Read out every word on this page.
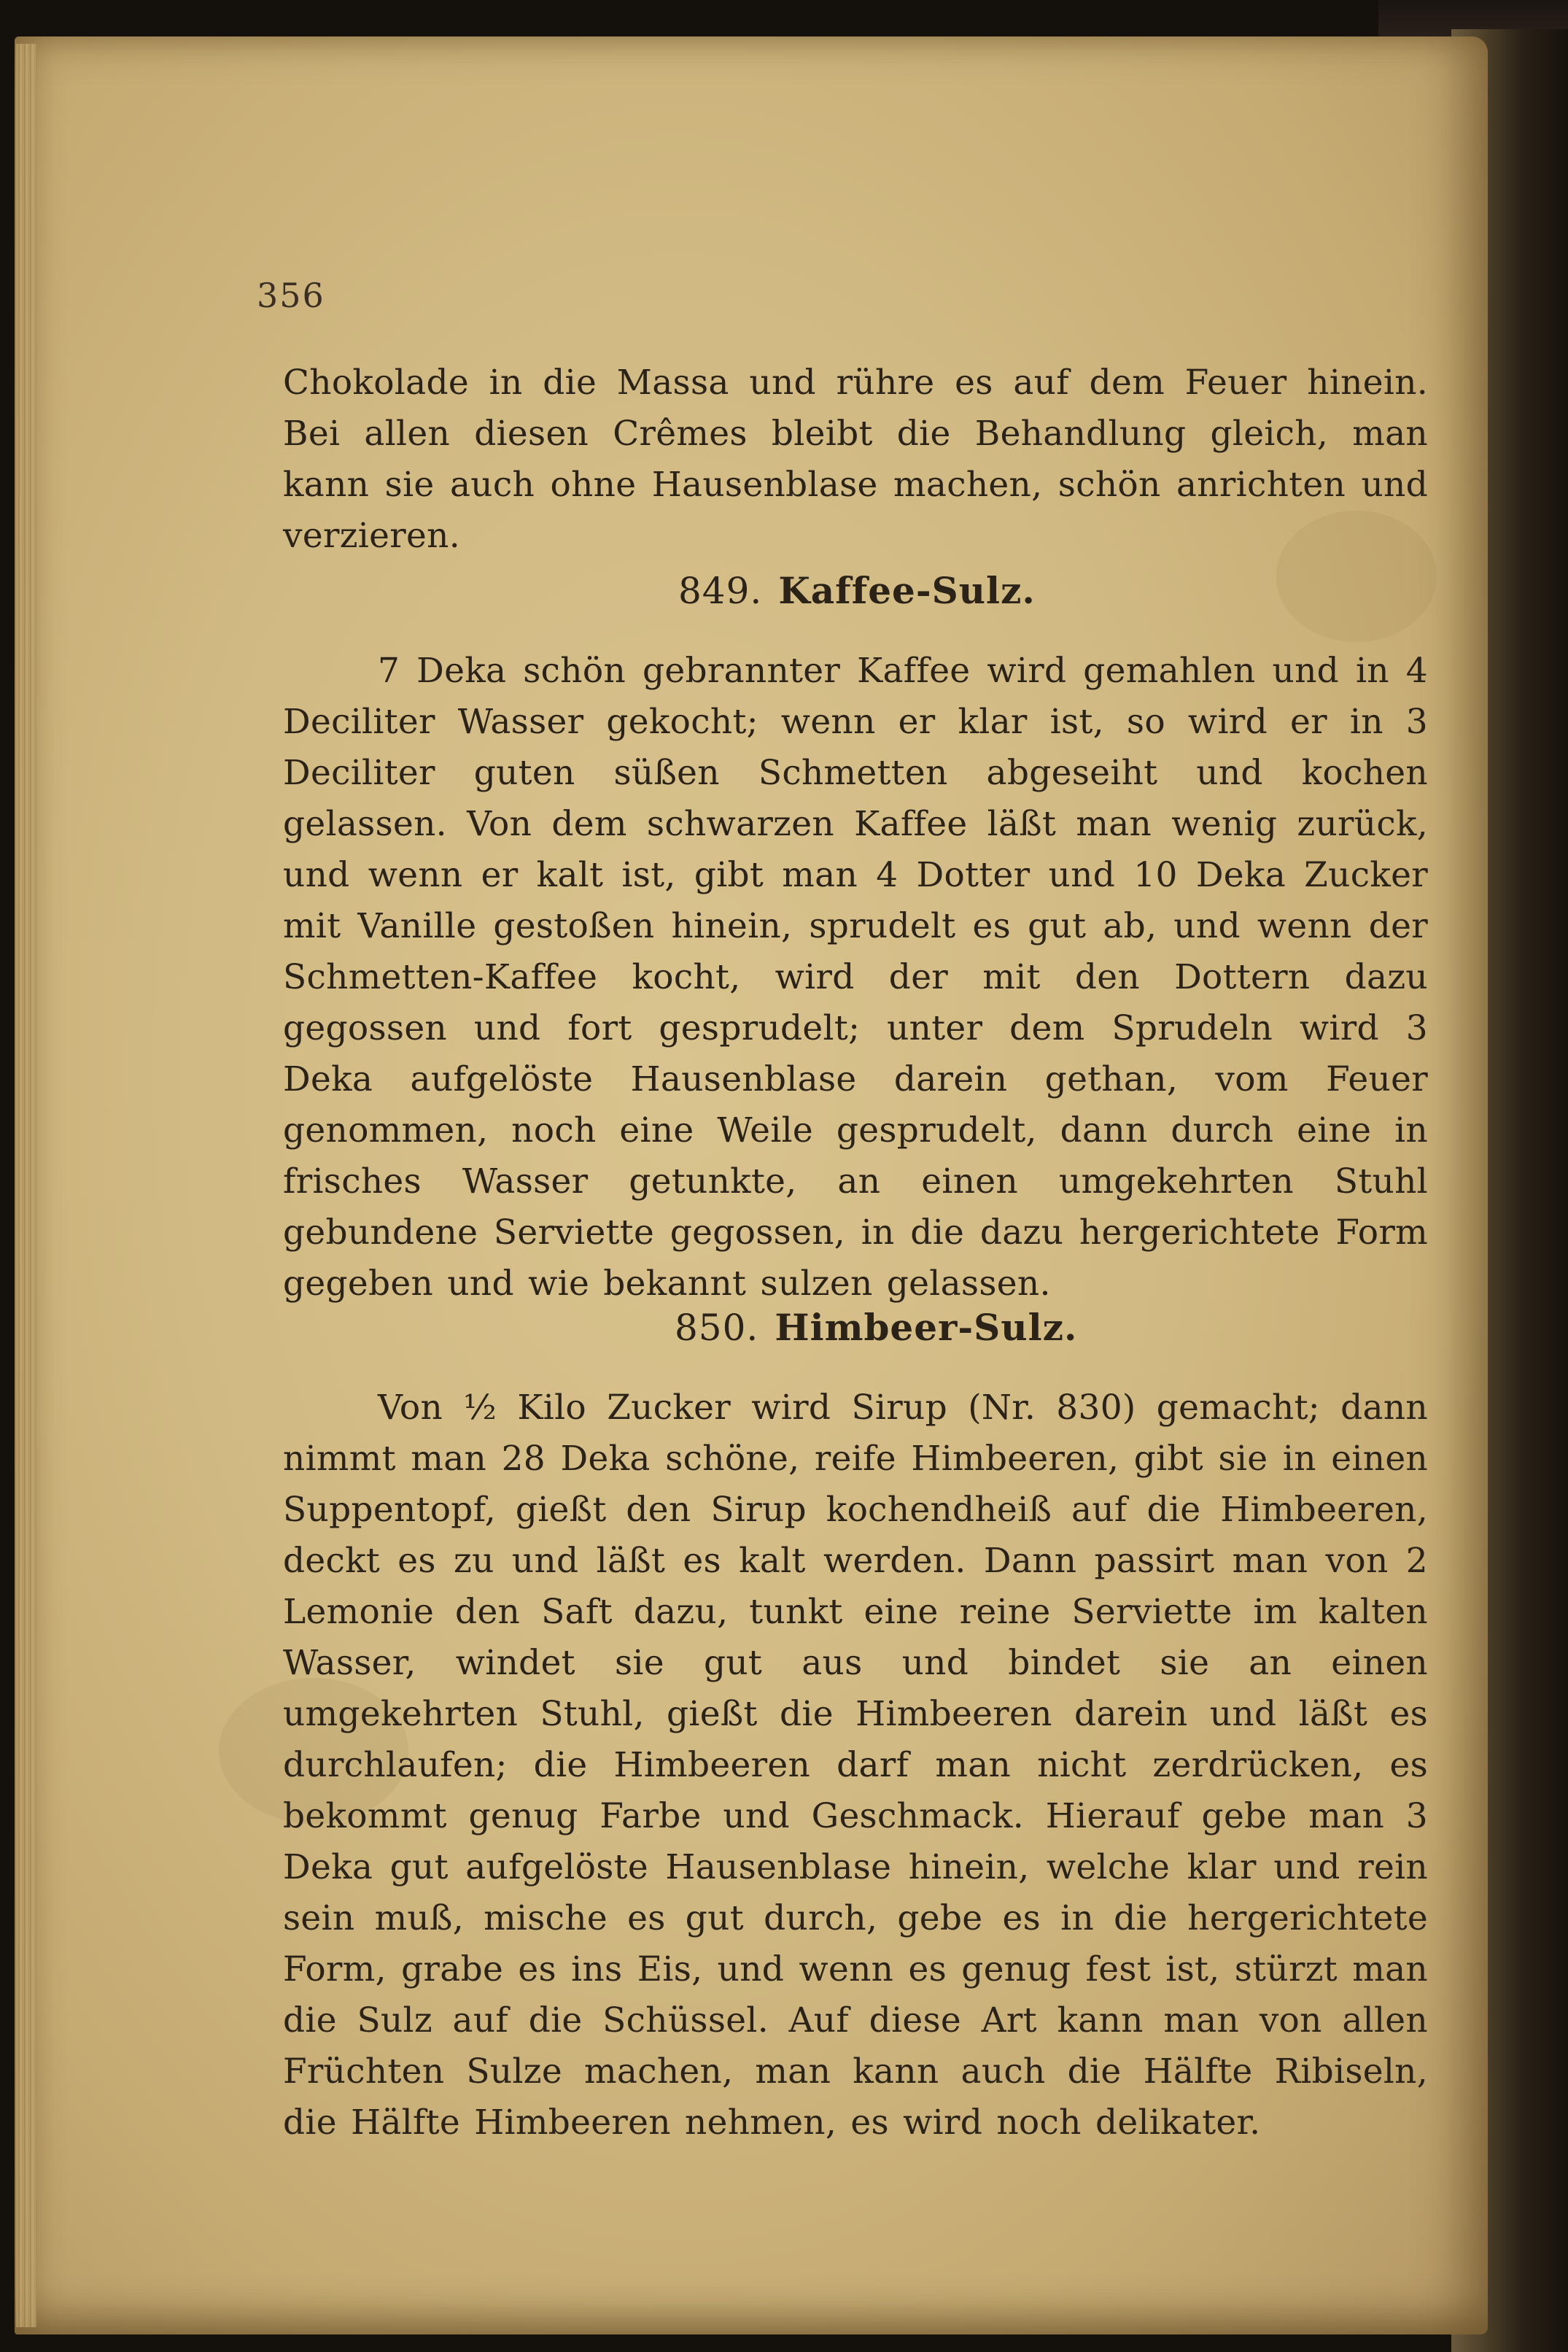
356

Chokolade in die Massa und rühre es auf dem Feuer hinein. Bei allen diesen Crêmes bleibt die Behandlung gleich, man kann sie auch ohne Hausenblase machen, schön anrichten und verzieren.

849. Kaffee-Sulz.

7 Deka schön gebrannter Kaffee wird gemahlen und in 4 Deciliter Wasser gekocht; wenn er klar ist, so wird er in 3 Deciliter guten süßen Schmetten abgeseiht und kochen gelassen. Von dem schwarzen Kaffee läßt man wenig zurück, und wenn er kalt ist, gibt man 4 Dotter und 10 Deka Zucker mit Vanille gestoßen hinein, sprudelt es gut ab, und wenn der Schmetten-Kaffee kocht, wird der mit den Dottern dazu gegossen und fort gesprudelt; unter dem Sprudeln wird 3 Deka aufgelöste Hausenblase darein gethan, vom Feuer genommen, noch eine Weile gesprudelt, dann durch eine in frisches Wasser getunkte, an einen umgekehrten Stuhl gebundene Serviette gegossen, in die dazu hergerichtete Form gegeben und wie bekannt sulzen gelassen.

850. Himbeer-Sulz.

Von ½ Kilo Zucker wird Sirup (Nr. 830) gemacht; dann nimmt man 28 Deka schöne, reife Himbeeren, gibt sie in einen Suppentopf, gießt den Sirup kochendheiß auf die Himbeeren, deckt es zu und läßt es kalt werden. Dann passirt man von 2 Lemonie den Saft dazu, tunkt eine reine Serviette im kalten Wasser, windet sie gut aus und bindet sie an einen umgekehrten Stuhl, gießt die Himbeeren darein und läßt es durchlaufen; die Himbeeren darf man nicht zerdrücken, es bekommt genug Farbe und Geschmack. Hierauf gebe man 3 Deka gut aufgelöste Hausenblase hinein, welche klar und rein sein muß, mische es gut durch, gebe es in die hergerichtete Form, grabe es ins Eis, und wenn es genug fest ist, stürzt man die Sulz auf die Schüssel. Auf diese Art kann man von allen Früchten Sulze machen, man kann auch die Hälfte Ribiseln, die Hälfte Himbeeren nehmen, es wird noch delikater.
